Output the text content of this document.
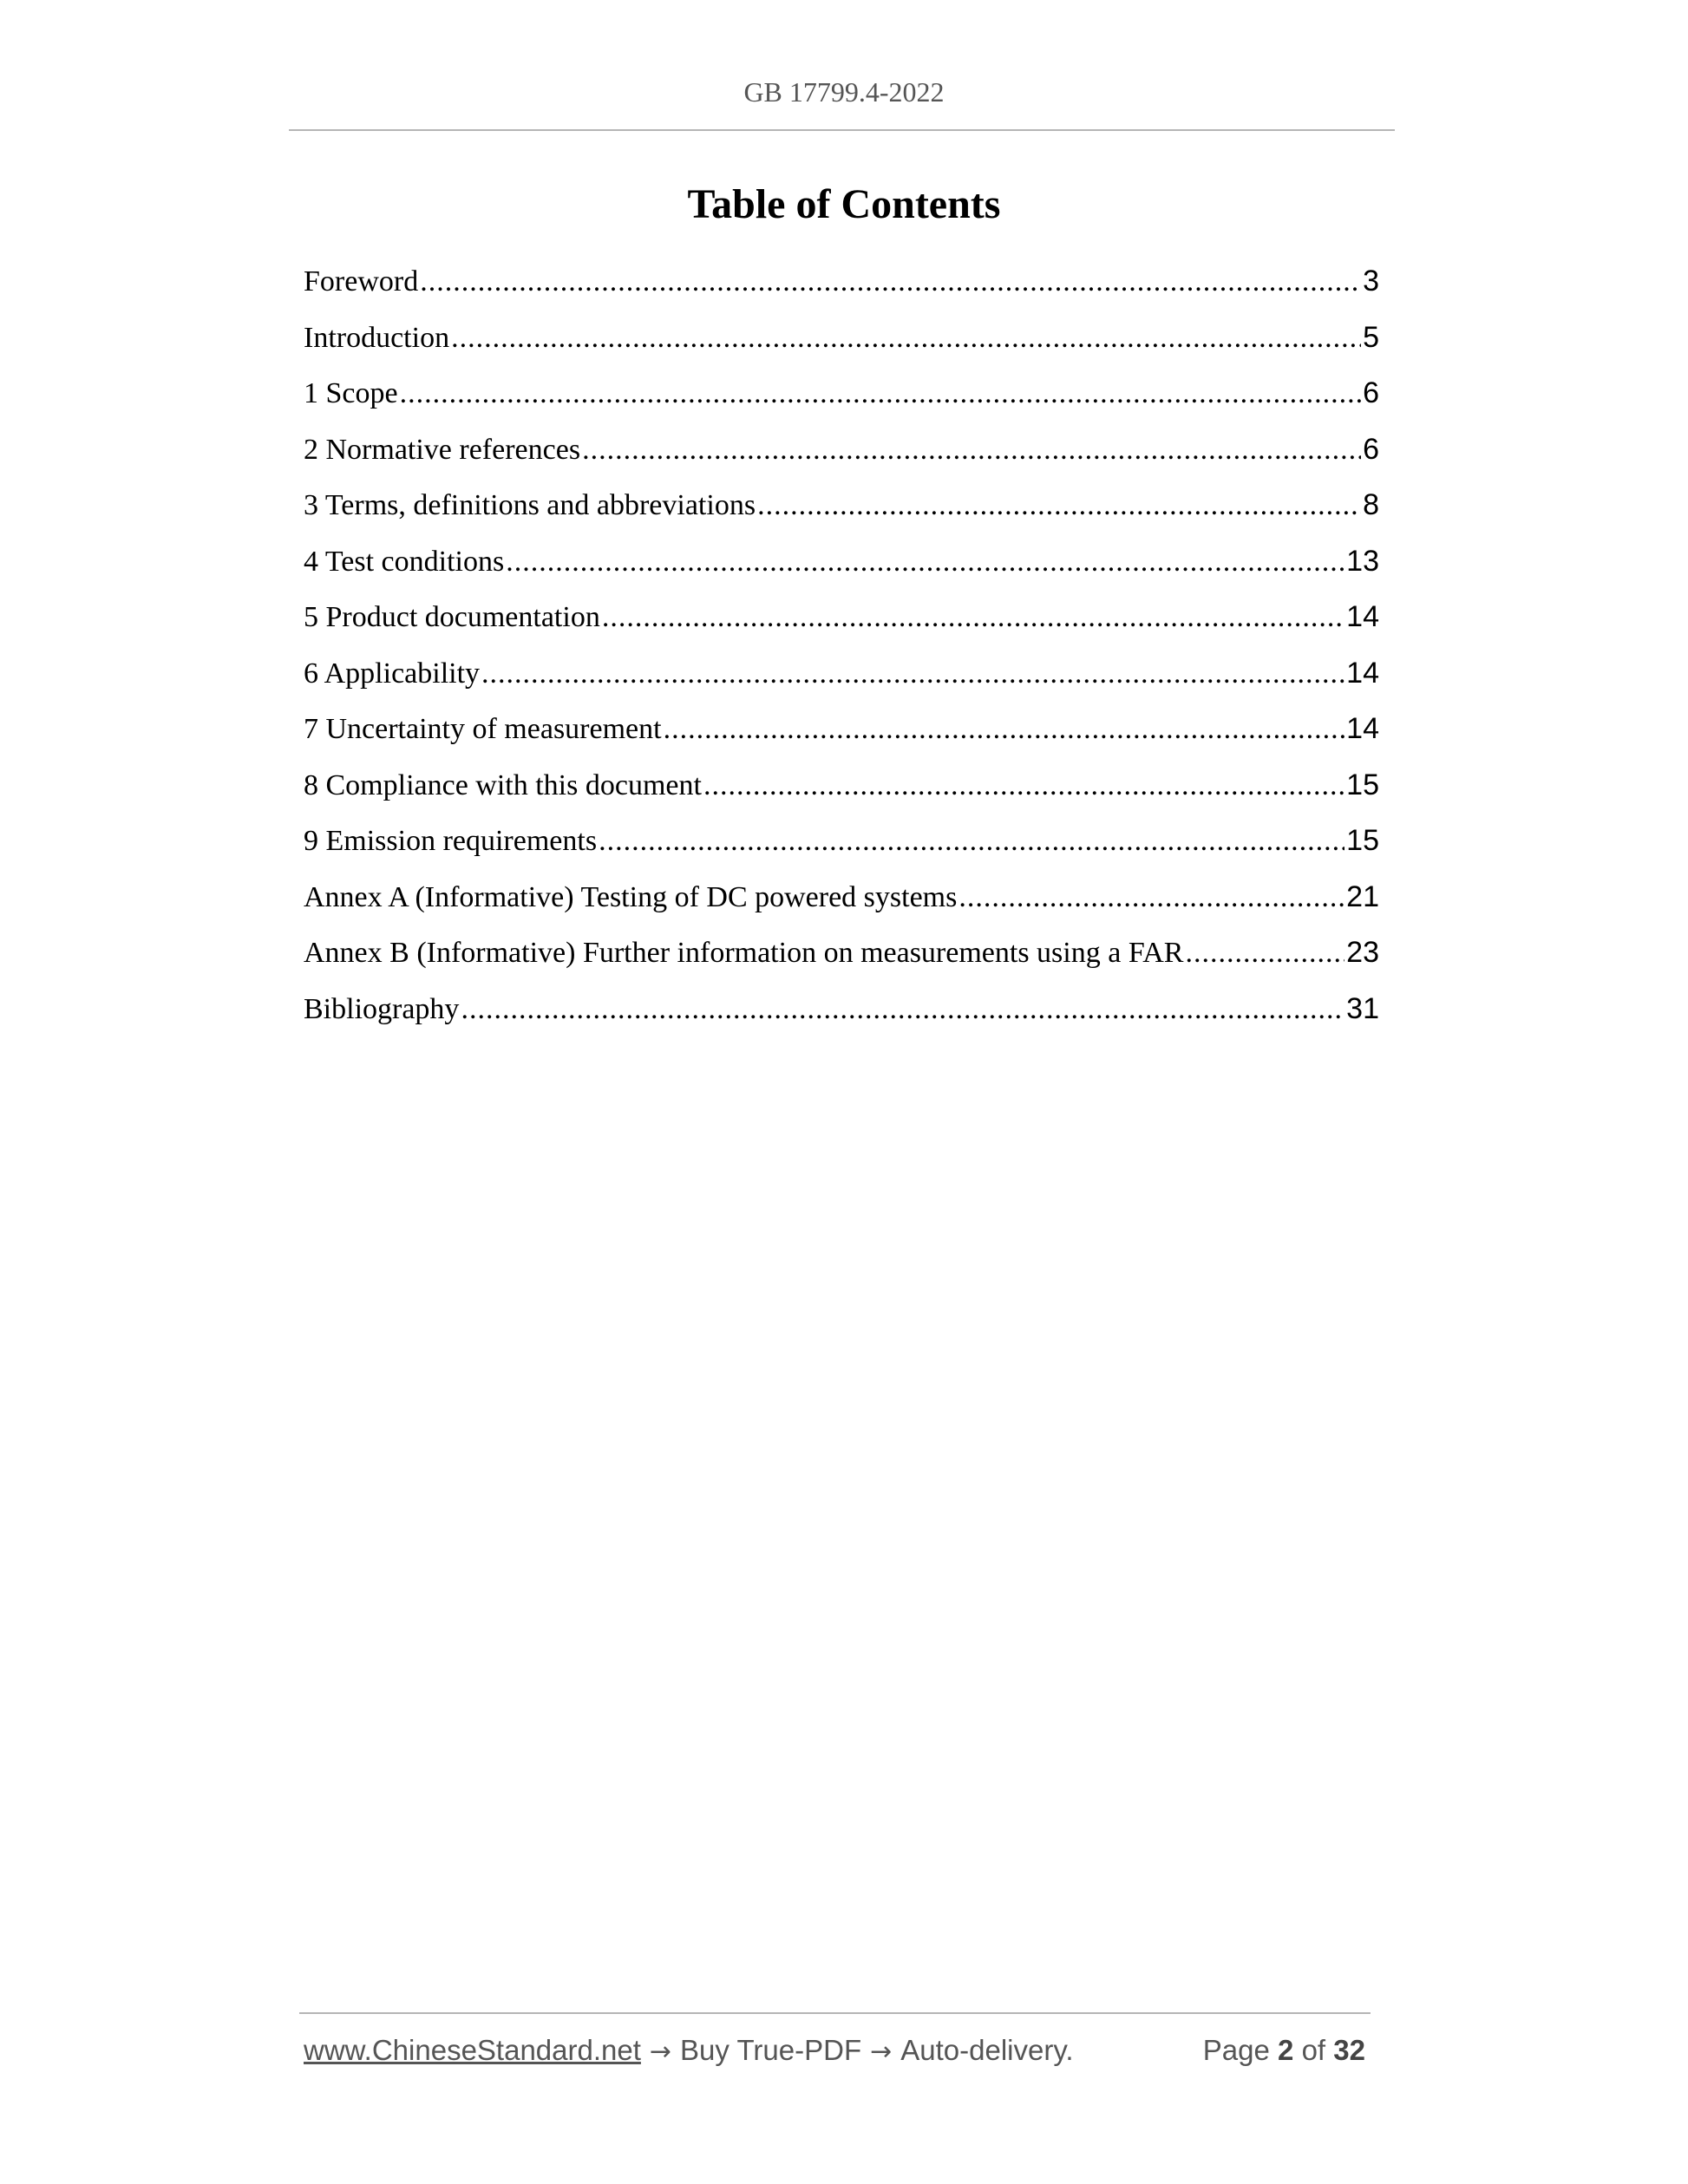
GB 17799.4-2022
Table of Contents
Foreword .....	3
Introduction .....	5
1 Scope .....	6
2 Normative references .....	6
3 Terms, definitions and abbreviations .....	8
4 Test conditions .....	13
5 Product documentation .....	14
6 Applicability .....	14
7 Uncertainty of measurement .....	14
8 Compliance with this document .....	15
9 Emission requirements .....	15
Annex A (Informative) Testing of DC powered systems .....	21
Annex B (Informative) Further information on measurements using a FAR .....	23
Bibliography .....	31
www.ChineseStandard.net → Buy True-PDF → Auto-delivery.	Page 2 of 32
